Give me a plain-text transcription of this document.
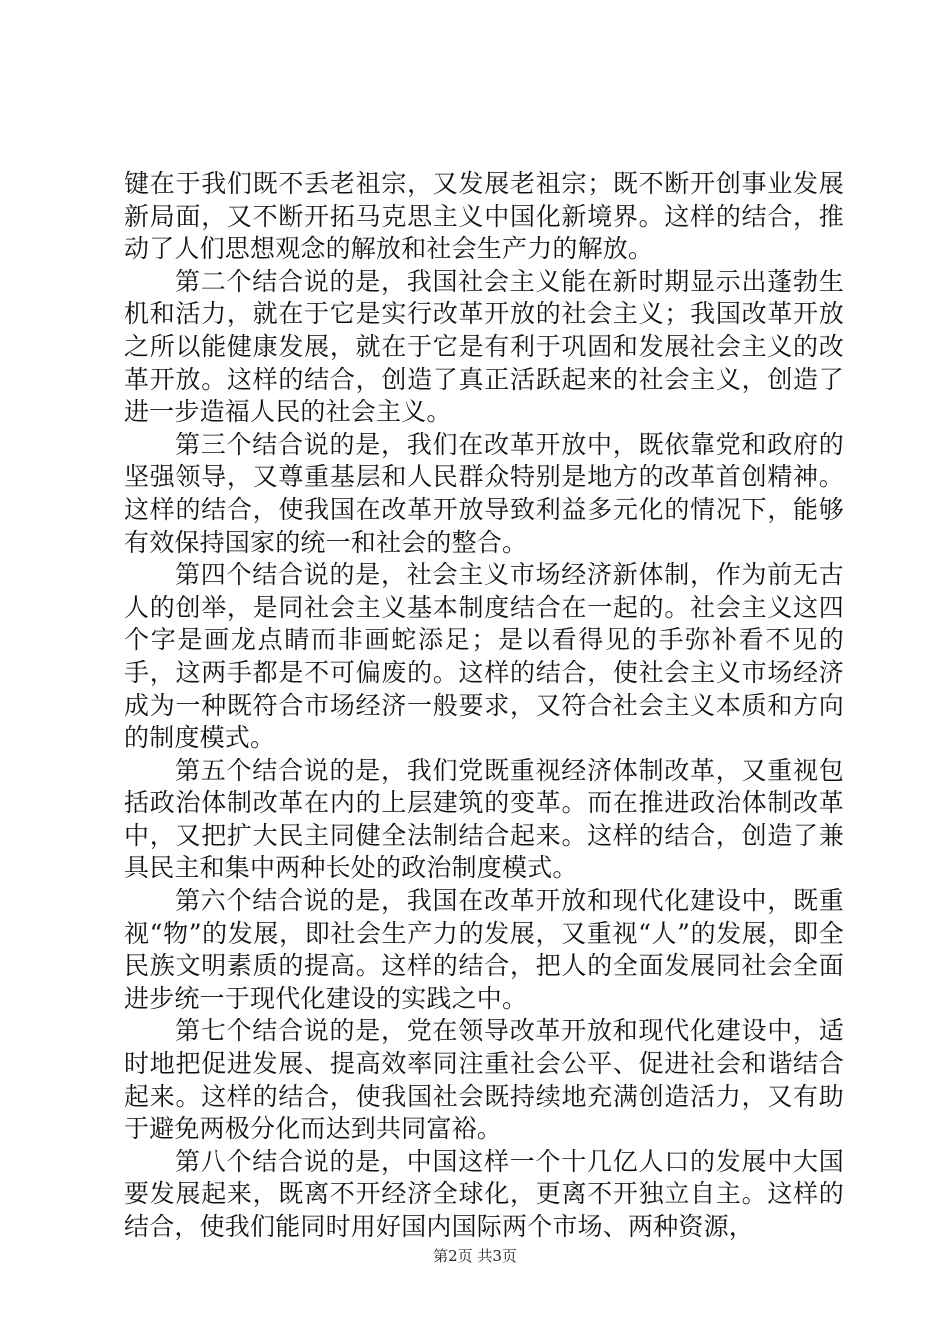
键在于我们既不丢老祖宗，又发展老祖宗；既不断开创事业发展新局面，又不断开拓马克思主义中国化新境界。这样的结合，推动了人们思想观念的解放和社会生产力的解放。

第二个结合说的是，我国社会主义能在新时期显示出蓬勃生机和活力，就在于它是实行改革开放的社会主义；我国改革开放之所以能健康发展，就在于它是有利于巩固和发展社会主义的改革开放。这样的结合，创造了真正活跃起来的社会主义，创造了进一步造福人民的社会主义。

第三个结合说的是，我们在改革开放中，既依靠党和政府的坚强领导，又尊重基层和人民群众特别是地方的改革首创精神。这样的结合，使我国在改革开放导致利益多元化的情况下，能够有效保持国家的统一和社会的整合。

第四个结合说的是，社会主义市场经济新体制，作为前无古人的创举，是同社会主义基本制度结合在一起的。社会主义这四个字是画龙点睛而非画蛇添足；是以看得见的手弥补看不见的手，这两手都是不可偏废的。这样的结合，使社会主义市场经济成为一种既符合市场经济一般要求，又符合社会主义本质和方向的制度模式。

第五个结合说的是，我们党既重视经济体制改革，又重视包括政治体制改革在内的上层建筑的变革。而在推进政治体制改革中，又把扩大民主同健全法制结合起来。这样的结合，创造了兼具民主和集中两种长处的政治制度模式。

第六个结合说的是，我国在改革开放和现代化建设中，既重视“物”的发展，即社会生产力的发展，又重视“人”的发展，即全民族文明素质的提高。这样的结合，把人的全面发展同社会全面进步统一于现代化建设的实践之中。

第七个结合说的是，党在领导改革开放和现代化建设中，适时地把促进发展、提高效率同注重社会公平、促进社会和谐结合起来。这样的结合，使我国社会既持续地充满创造活力，又有助于避免两极分化而达到共同富裕。

第八个结合说的是，中国这样一个十几亿人口的发展中大国要发展起来，既离不开经济全球化，更离不开独立自主。这样的结合，使我们能同时用好国内国际两个市场、两种资源，

第2页 共3页
